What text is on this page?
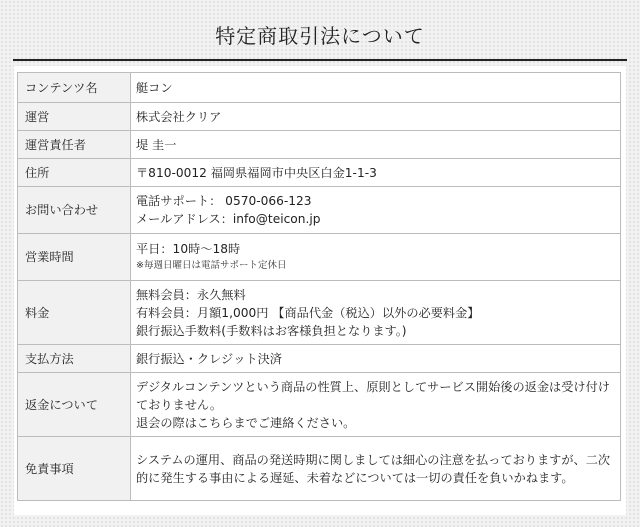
特定商取引法について
コンテンツ名	艇コン

運営	株式会社クリア

運営責任者	堤 圭一

住所	〒810-0012 福岡県福岡市中央区白金1-1-3

お問い合わせ	電話サポート： 0570-066-123
メールアドレス：info@teicon.jp

営業時間	平日：10時〜18時
※毎週日曜日は電話サポート定休日

料金	無料会員：永久無料
有料会員：月額1,000円 【商品代金（税込）以外の必要料金】
銀行振込手数料(手数料はお客様負担となります。)

支払方法	銀行振込・クレジット決済

返金について	デジタルコンテンツという商品の性質上、原則としてサービス開始後の返金は受け付けておりません。
退会の際はこちらまでご連絡ください。

免責事項	システムの運用、商品の発送時期に関しましては細心の注意を払っておりますが、二次的に発生する事由による遅延、未着などについては一切の責任を負いかねます。
